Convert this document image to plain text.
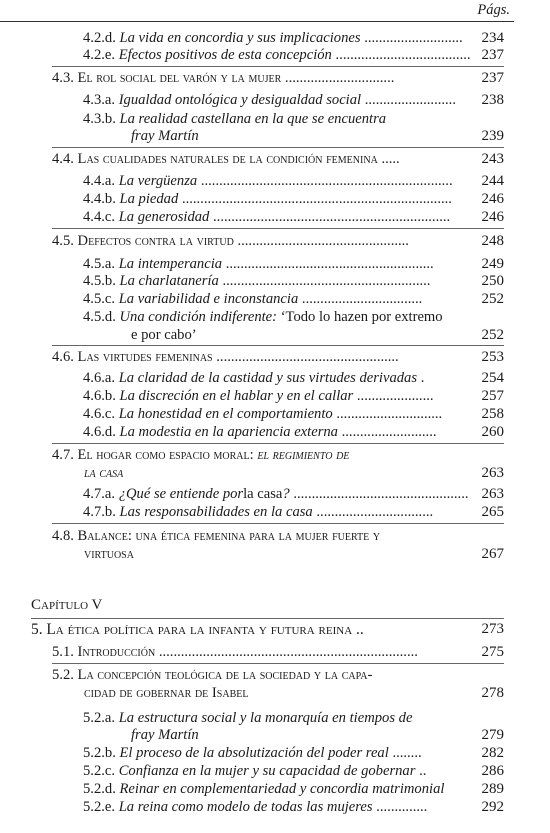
Págs.
4.2.d. La vida en concordia y sus implicaciones ...........................	234
4.2.e. Efectos positivos de esta concepción ..................................... 237
4.3. El rol social del varón y la mujer ..............................	237
4.3.a. Igualdad ontológica y desigualdad social .........................	238
4.3.b. La realidad castellana en la que se encuentra
fray Martín	239
4.4. Las cualidades naturales de la condición femenina .....	243
4.4.a. La vergüenza .....................................................................	244
4.4.b. La piedad ..........................................................................	246
4.4.c. La generosidad .................................................................	246
4.5. Defectos contra la virtud ...............................................	248
4.5.a. La intemperancia .........................................................	249
4.5.b. La charlatanería .........................................................	250
4.5.c. La variabilidad e inconstancia .................................	252
4.5.d. Una condición indiferente: ‘Todo lo hazen por extremo
e por cabo’	252
4.6. Las virtudes femeninas ..................................................	253
4.6.a. La claridad de la castidad y sus virtudes derivadas .	254
4.6.b. La discreción en el hablar y en el callar .....................	257
4.6.c. La honestidad en el comportamiento .............................	258
4.6.d. La modestia en la apariencia externa ..........................	260
4.7. El hogar como espacio moral: el regimiento de
la casa	263
4.7.a. ¿Qué se entiende porla casa? ................................................ 263
4.7.b. Las responsabilidades en la casa ................................	265
4.8. Balance: una ética femenina para la mujer fuerte y
virtuosa	267
Capítulo V
5. La ética política para la infanta y futura reina ..	273
5.1. Introducción .......................................................................	275
5.2. La concepción teológica de la sociedad y la capa-
cidad de gobernar de Isabel	278
5.2.a. La estructura social y la monarquía en tiempos de
fray Martín	279
5.2.b. El proceso de la absolutización del poder real ........	282
5.2.c. Confianza en la mujer y su capacidad de gobernar ..	286
5.2.d. Reinar en complementariedad y concordia matrimonial	289
5.2.e. La reina como modelo de todas las mujeres ..............	292
